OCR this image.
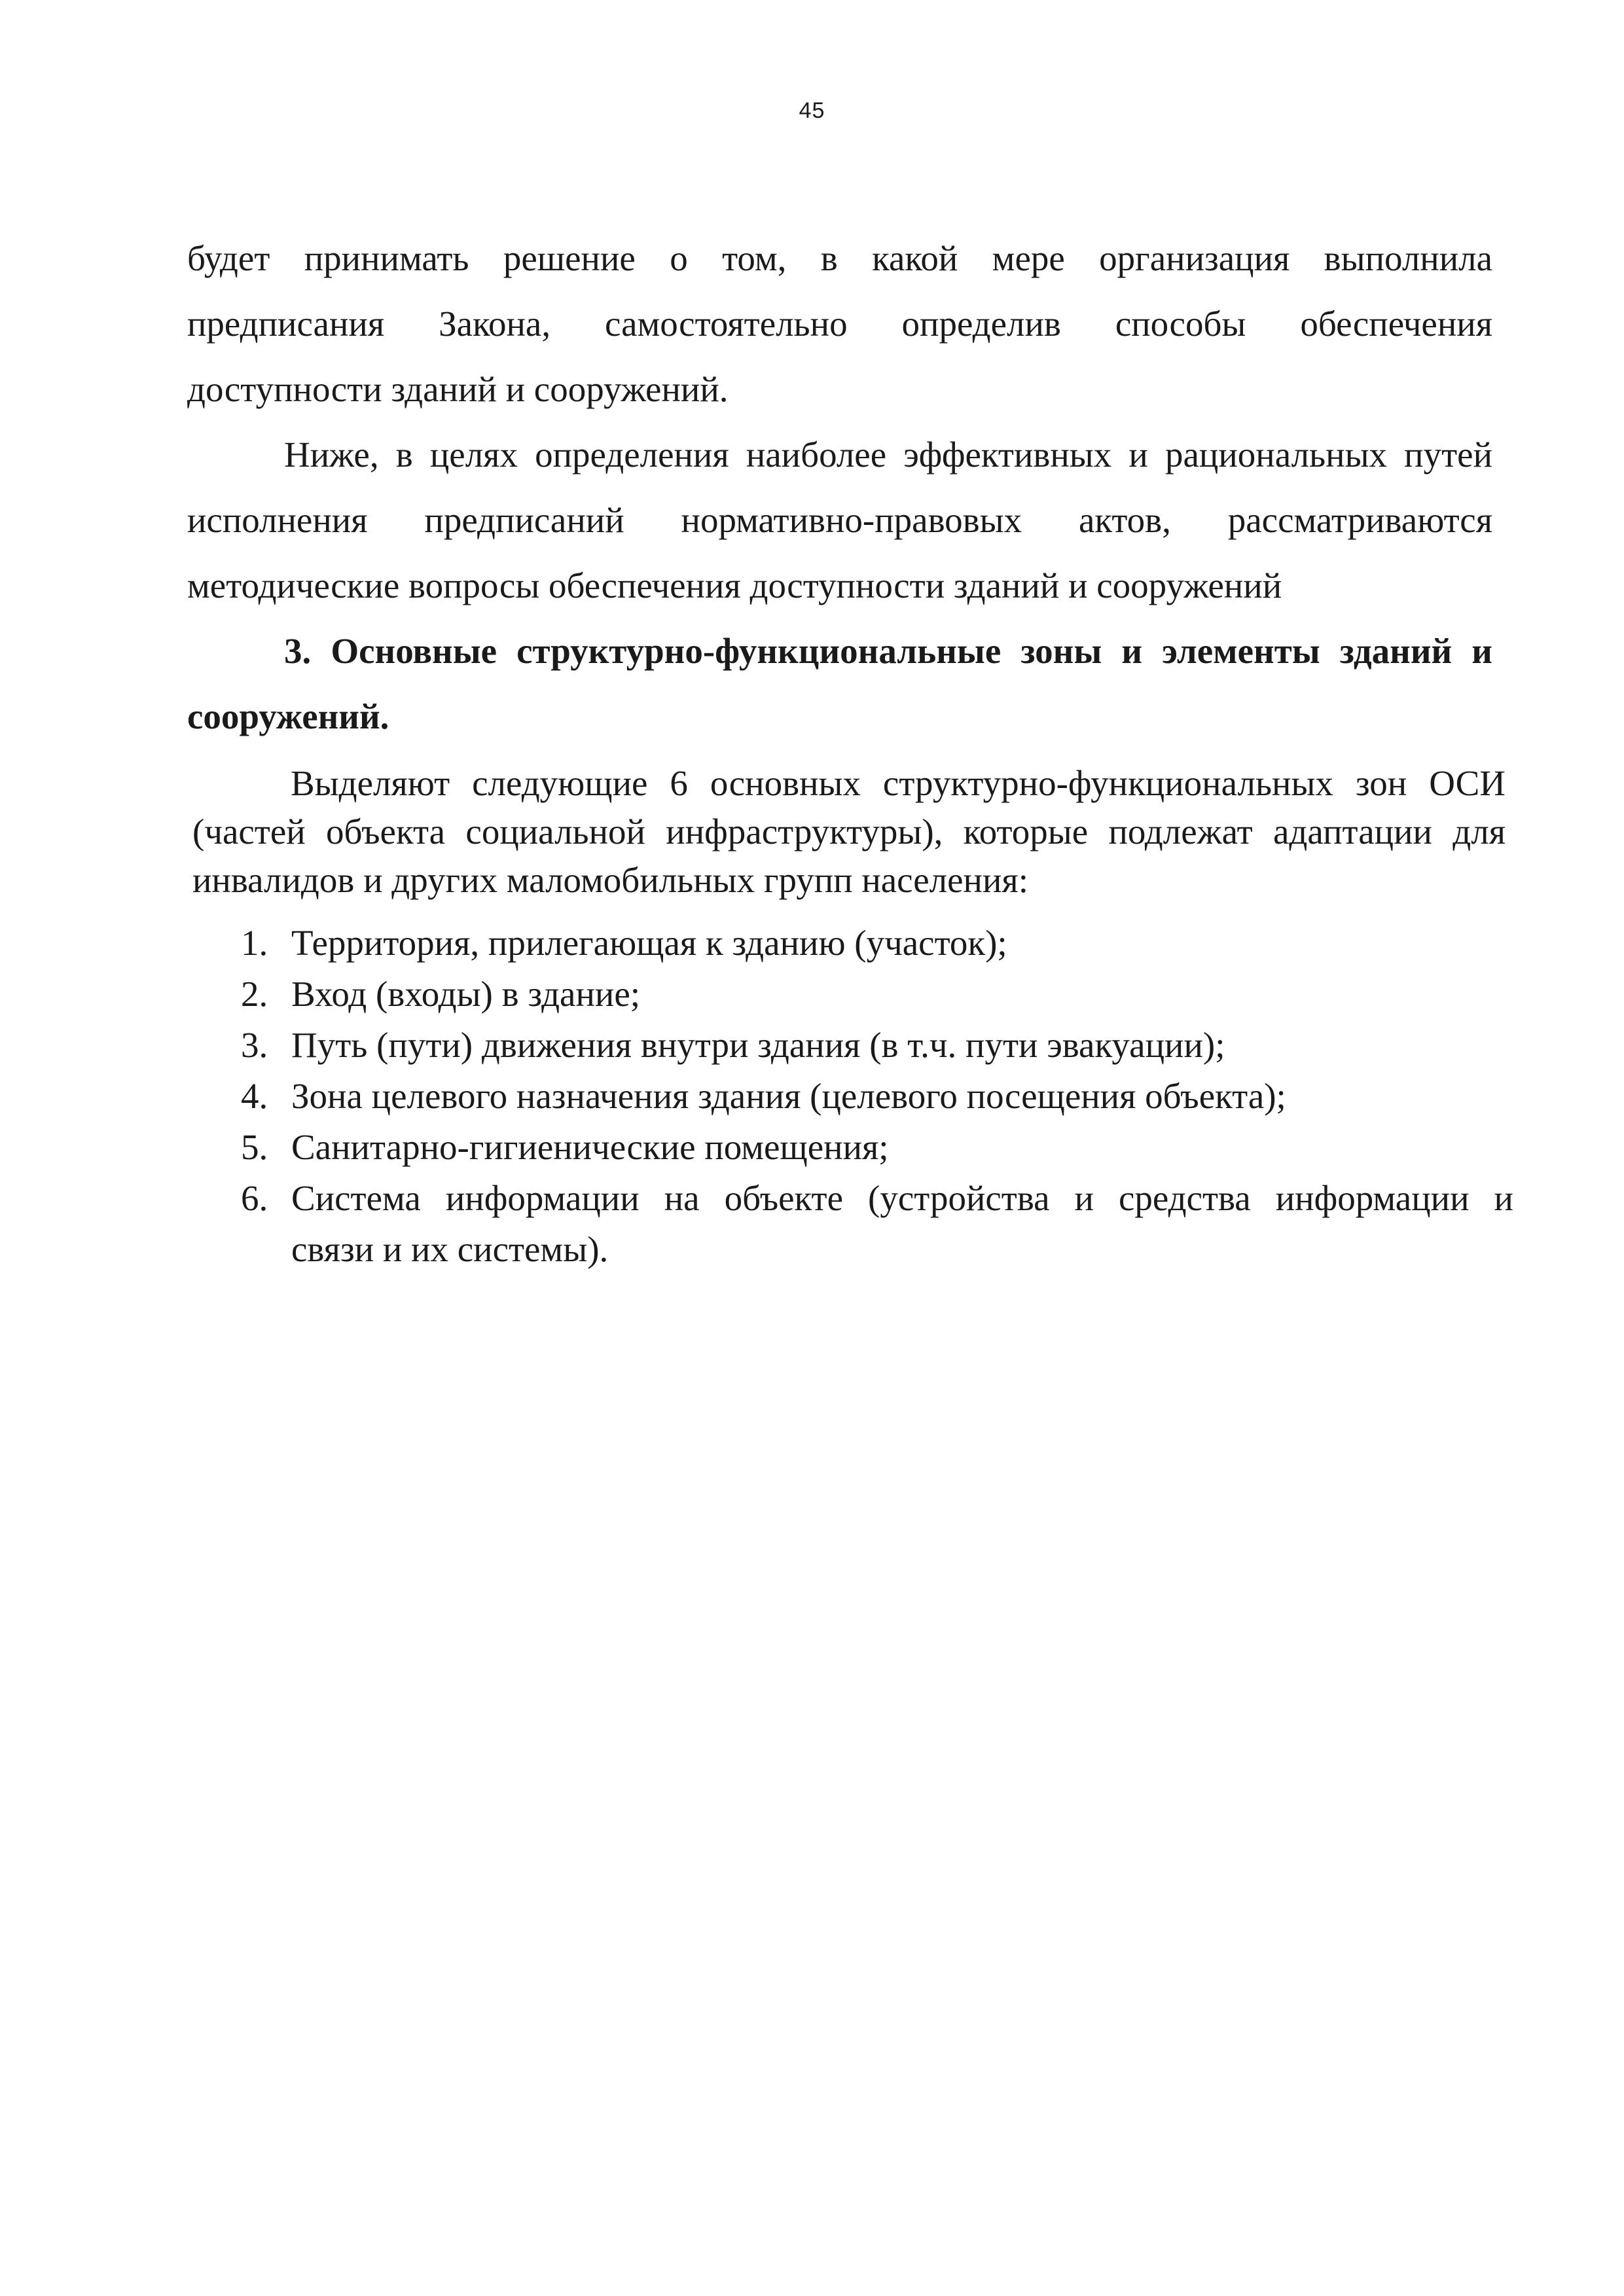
45
будет принимать решение о том, в какой мере организация выполнила
предписания Закона, самостоятельно определив способы обеспечения
доступности зданий и сооружений.
Ниже, в целях определения наиболее эффективных и рациональных путей
исполнения предписаний нормативно-правовых актов, рассматриваются
методические вопросы обеспечения доступности зданий и сооружений
3. Основные структурно-функциональные зоны и элементы зданий и
сооружений.
Выделяют следующие 6 основных структурно-функциональных зон ОСИ
(частей объекта социальной инфраструктуры), которые подлежат адаптации для
инвалидов и других маломобильных групп населения:
1. Территория, прилегающая к зданию (участок);
2. Вход (входы) в здание;
3. Путь (пути) движения внутри здания (в т.ч. пути эвакуации);
4. Зона целевого назначения здания (целевого посещения объекта);
5. Санитарно-гигиенические помещения;
6. Система информации на объекте (устройства и средства информации и
связи и их системы).
